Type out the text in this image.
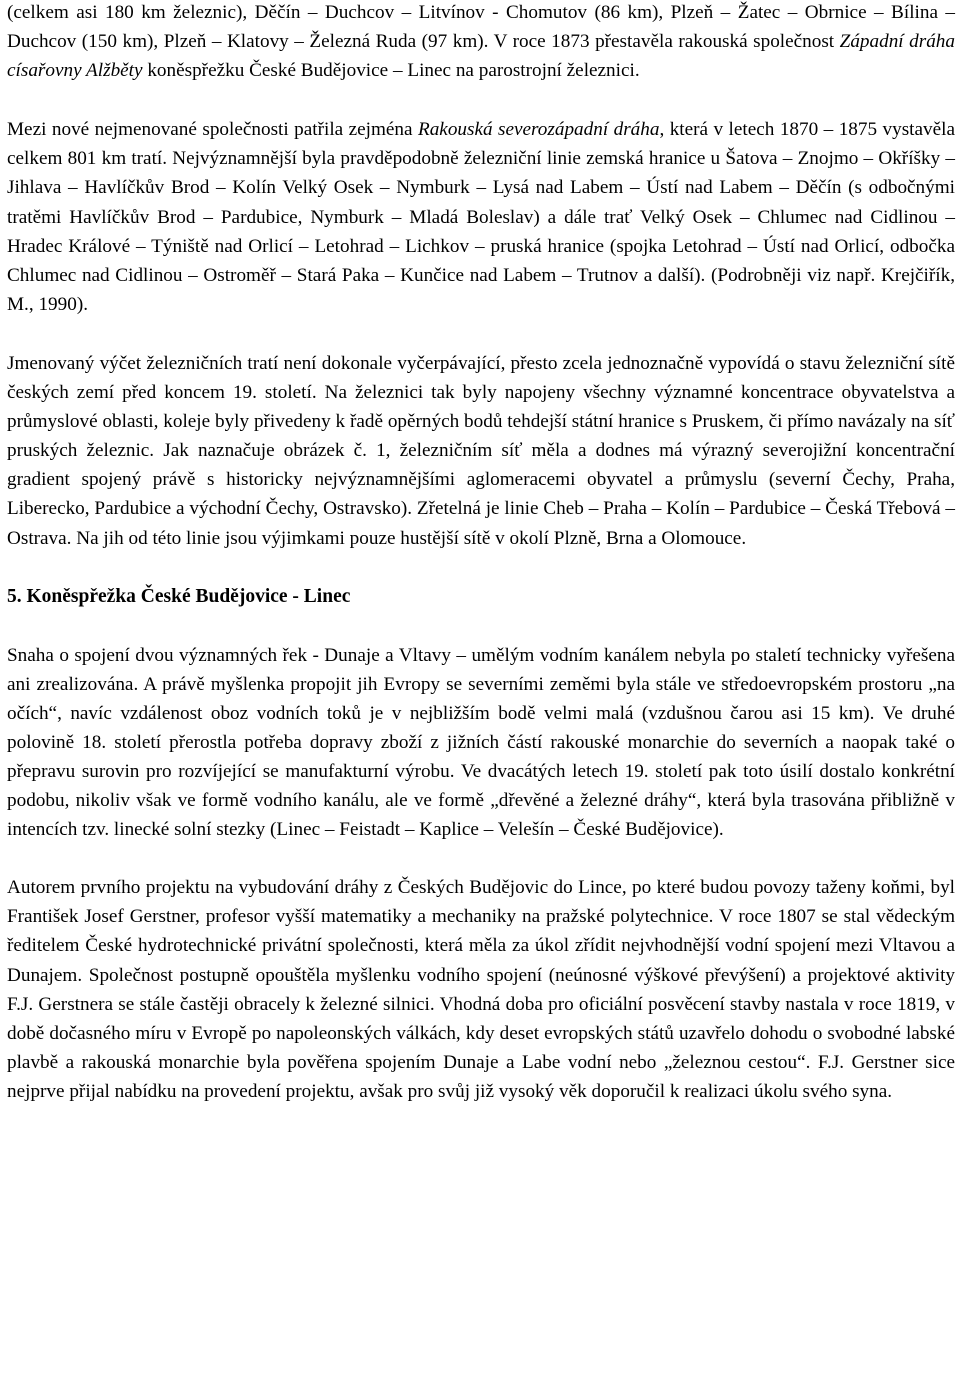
(celkem asi 180 km železnic), Děčín – Duchcov – Litvínov - Chomutov (86 km), Plzeň – Žatec – Obrnice – Bílina – Duchcov (150 km), Plzeň – Klatovy – Železná Ruda (97 km). V roce 1873 přestavěla rakouská společnost Západní dráha císařovny Alžběty koněspřežku České Budějovice – Linec na parostrojní železnici.

Mezi nové nejmenované společnosti patřila zejména Rakouská severozápadní dráha, která v letech 1870 – 1875 vystavěla celkem 801 km tratí. Nejvýznamnější byla pravděpodobně železniční linie zemská hranice u Šatova – Znojmo – Okříšky – Jihlava – Havlíčkův Brod – Kolín Velký Osek – Nymburk – Lysá nad Labem – Ústí nad Labem – Děčín (s odbočnými tratěmi Havlíčkův Brod – Pardubice, Nymburk – Mladá Boleslav) a dále trať Velký Osek – Chlumec nad Cidlinou – Hradec Králové – Týniště nad Orlicí – Letohrad – Lichkov – pruská hranice (spojka Letohrad – Ústí nad Orlicí, odbočka Chlumec nad Cidlinou – Ostroměř – Stará Paka – Kunčice nad Labem – Trutnov a další). (Podrobněji viz např. Krejčiřík, M., 1990).

Jmenovaný výčet železničních tratí není dokonale vyčerpávající, přesto zcela jednoznačně vypovídá o stavu železniční sítě českých zemí před koncem 19. století. Na železnici tak byly napojeny všechny významné koncentrace obyvatelstva a průmyslové oblasti, koleje byly přivedeny k řadě opěrných bodů tehdejší státní hranice s Pruskem, či přímo navázaly na síť pruských železnic. Jak naznačuje obrázek č. 1, železničním síť měla a dodnes má výrazný severojižní koncentrační gradient spojený právě s historicky nejvýznamnějšími aglomeracemi obyvatel a průmyslu (severní Čechy, Praha, Liberecko, Pardubice a východní Čechy, Ostravsko). Zřetelná je linie Cheb – Praha – Kolín – Pardubice – Česká Třebová – Ostrava. Na jih od této linie jsou výjimkami pouze hustější sítě v okolí Plzně, Brna a Olomouce.

5. Koněspřežka České Budějovice - Linec

Snaha o spojení dvou významných řek - Dunaje a Vltavy – umělým vodním kanálem nebyla po staletí technicky vyřešena ani zrealizována. A právě myšlenka propojit jih Evropy se severními zeměmi byla stále ve středoevropském prostoru „na očích“, navíc vzdálenost oboz vodních toků je v nejbližším bodě velmi malá (vzdušnou čarou asi 15 km). Ve druhé polovině 18. století přerostla potřeba dopravy zboží z jižních částí rakouské monarchie do severních a naopak také o přepravu surovin pro rozvíjející se manufakturní výrobu. Ve dvacátých letech 19. století pak toto úsilí dostalo konkrétní podobu, nikoliv však ve formě vodního kanálu, ale ve formě „dřevěné a železné dráhy“, která byla trasována přibližně v intencích tzv. linecké solní stezky (Linec – Feistadt – Kaplice – Velešín – České Budějovice).

Autorem prvního projektu na vybudování dráhy z Českých Budějovic do Lince, po které budou povozy taženy koňmi, byl František Josef Gerstner, profesor vyšší matematiky a mechaniky na pražské polytechnice. V roce 1807 se stal vědeckým ředitelem České hydrotechnické privátní společnosti, která měla za úkol zřídit nejvhodnější vodní spojení mezi Vltavou a Dunajem. Společnost postupně opouštěla myšlenku vodního spojení (neúnosné výškové převýšení) a projektové aktivity F.J. Gerstnera se stále častěji obracely k železné silnici. Vhodná doba pro oficiální posvěcení stavby nastala v roce 1819, v době dočasného míru v Evropě po napoleonských válkách, kdy deset evropských států uzavřelo dohodu o svobodné labské plavbě a rakouská monarchie byla pověřena spojením Dunaje a Labe vodní nebo „železnou cestou“. F.J. Gerstner sice nejprve přijal nabídku na provedení projektu, avšak pro svůj již vysoký věk doporučil k realizaci úkolu svého syna.
